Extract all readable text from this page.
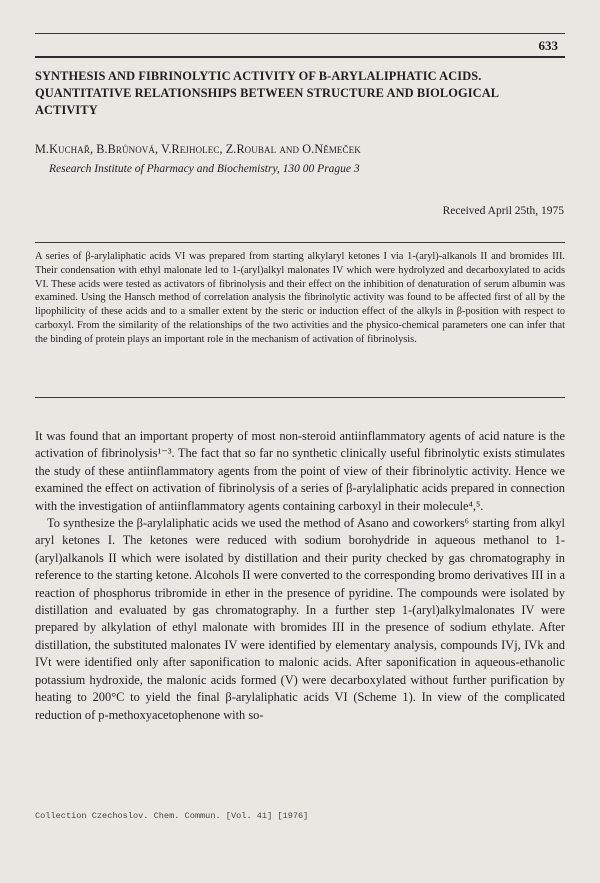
633
SYNTHESIS AND FIBRINOLYTIC ACTIVITY OF Β-ARYLALIPHATIC ACIDS. QUANTITATIVE RELATIONSHIPS BETWEEN STRUCTURE AND BIOLOGICAL ACTIVITY
M.Kuchař, B.Brůnová, V.Rejholec, Z.Roubal and O.Němeček
Research Institute of Pharmacy and Biochemistry, 130 00 Prague 3
Received April 25th, 1975

A series of β-arylaliphatic acids VI was prepared from starting alkylaryl ketones I via 1-(aryl)-alkanols II and bromides III. Their condensation with ethyl malonate led to 1-(aryl)alkyl malonates IV which were hydrolyzed and decarboxylated to acids VI. These acids were tested as activators of fibrinolysis and their effect on the inhibition of denaturation of serum albumin was examined. Using the Hansch method of correlation analysis the fibrinolytic activity was found to be affected first of all by the lipophilicity of these acids and to a smaller extent by the steric or induction effect of the alkyls in β-position with respect to carboxyl. From the similarity of the relationships of the two activities and the physico-chemical parameters one can infer that the binding of protein plays an important role in the mechanism of activation of fibrinolysis.

It was found that an important property of most non-steroid antiinflammatory agents of acid nature is the activation of fibrinolysis¹⁻³. The fact that so far no synthetic clinically useful fibrinolytic exists stimulates the study of these antiinflammatory agents from the point of view of their fibrinolytic activity. Hence we examined the effect on activation of fibrinolysis of a series of β-arylaliphatic acids prepared in connection with the investigation of antiinflammatory agents containing carboxyl in their molecule⁴,⁵.

To synthesize the β-arylaliphatic acids we used the method of Asano and coworkers⁶ starting from alkyl aryl ketones I. The ketones were reduced with sodium borohydride in aqueous methanol to 1-(aryl)alkanols II which were isolated by distillation and their purity checked by gas chromatography in reference to the starting ketone. Alcohols II were converted to the corresponding bromo derivatives III in a reaction of phosphorus tribromide in ether in the presence of pyridine. The compounds were isolated by distillation and evaluated by gas chromatography. In a further step 1-(aryl)alkylmalonates IV were prepared by alkylation of ethyl malonate with bromides III in the presence of sodium ethylate. After distillation, the substituted malonates IV were identified by elementary analysis, compounds IVj, IVk and IVt were identified only after saponification to malonic acids. After saponification in aqueous-ethanolic potassium hydroxide, the malonic acids formed (V) were decarboxylated without further purification by heating to 200°C to yield the final β-arylaliphatic acids VI (Scheme 1). In view of the complicated reduction of p-methoxyacetophenone with so-

Collection Czechoslov. Chem. Commun. [Vol. 41] [1976]
